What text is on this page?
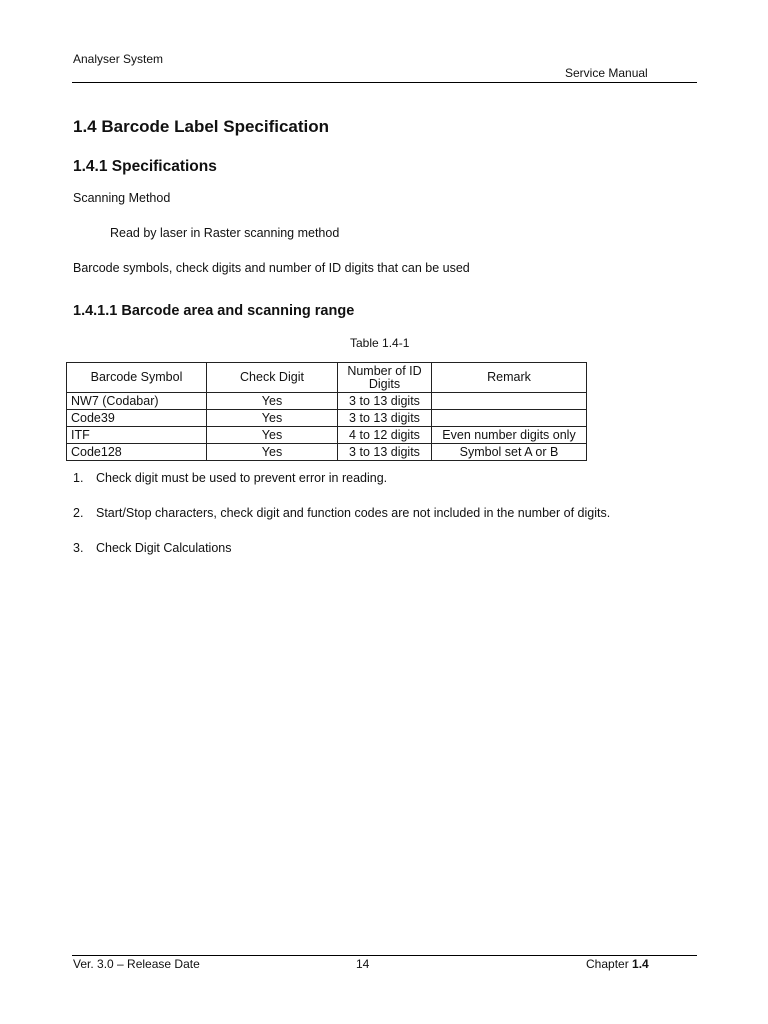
Analyser System
Service Manual
1.4 Barcode Label Specification
1.4.1 Specifications
Scanning Method
Read by laser in Raster scanning method
Barcode symbols, check digits and number of ID digits that can be used
1.4.1.1 Barcode area and scanning range
Table 1.4-1
Barcode Symbol	Check Digit	Number of ID Digits	Remark
NW7 (Codabar)	Yes	3 to 13 digits	
Code39	Yes	3 to 13 digits	
ITF	Yes	4 to 12 digits	Even number digits only
Code128	Yes	3 to 13 digits	Symbol set A or B
1. Check digit must be used to prevent error in reading.
2. Start/Stop characters, check digit and function codes are not included in the number of digits.
3. Check Digit Calculations
Ver. 3.0 – Release Date	14	Chapter 1.4
